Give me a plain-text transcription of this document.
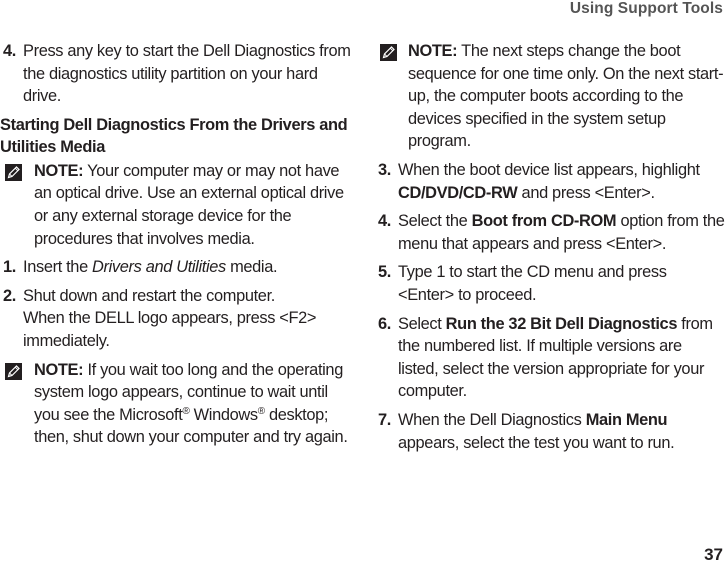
Using Support Tools
4. Press any key to start the Dell Diagnostics from the diagnostics utility partition on your hard drive.
Starting Dell Diagnostics From the Drivers and Utilities Media
NOTE: Your computer may or may not have an optical drive. Use an external optical drive or any external storage device for the procedures that involves media.
1. Insert the Drivers and Utilities media.
2. Shut down and restart the computer.
When the DELL logo appears, press <F2> immediately.
NOTE: If you wait too long and the operating system logo appears, continue to wait until you see the Microsoft® Windows® desktop; then, shut down your computer and try again.
NOTE: The next steps change the boot sequence for one time only. On the next start-up, the computer boots according to the devices specified in the system setup program.
3. When the boot device list appears, highlight CD/DVD/CD-RW and press <Enter>.
4. Select the Boot from CD-ROM option from the menu that appears and press <Enter>.
5. Type 1 to start the CD menu and press <Enter> to proceed.
6. Select Run the 32 Bit Dell Diagnostics from the numbered list. If multiple versions are listed, select the version appropriate for your computer.
7. When the Dell Diagnostics Main Menu appears, select the test you want to run.
37
